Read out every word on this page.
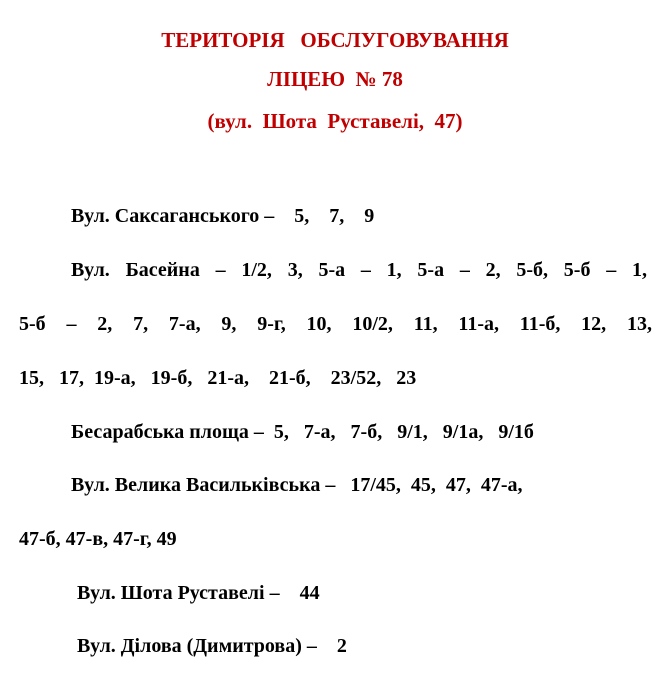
ТЕРИТОРІЯ   ОБСЛУГОВУВАННЯ
ЛІЦЕЮ  № 78
(вул.  Шота  Руставелі,  47)
Вул. Саксаганського –    5,    7,    9
Вул. Басейна – 1/2, 3, 5-а – 1, 5-а – 2, 5-б, 5-б – 1,
5-б – 2, 7, 7-а, 9, 9-г, 10, 10/2, 11, 11-а, 11-б, 12, 13,
15,   17,  19-а,   19-б,   21-а,    21-б,    23/52,   23
Бесарабська площа –  5,   7-а,   7-б,   9/1,   9/1а,   9/1б
Вул. Велика Васильківська –   17/45,  45,  47,  47-а,
47-б, 47-в, 47-г, 49
Вул. Шота Руставелі –    44
Вул. Ділова (Димитрова) –    2
